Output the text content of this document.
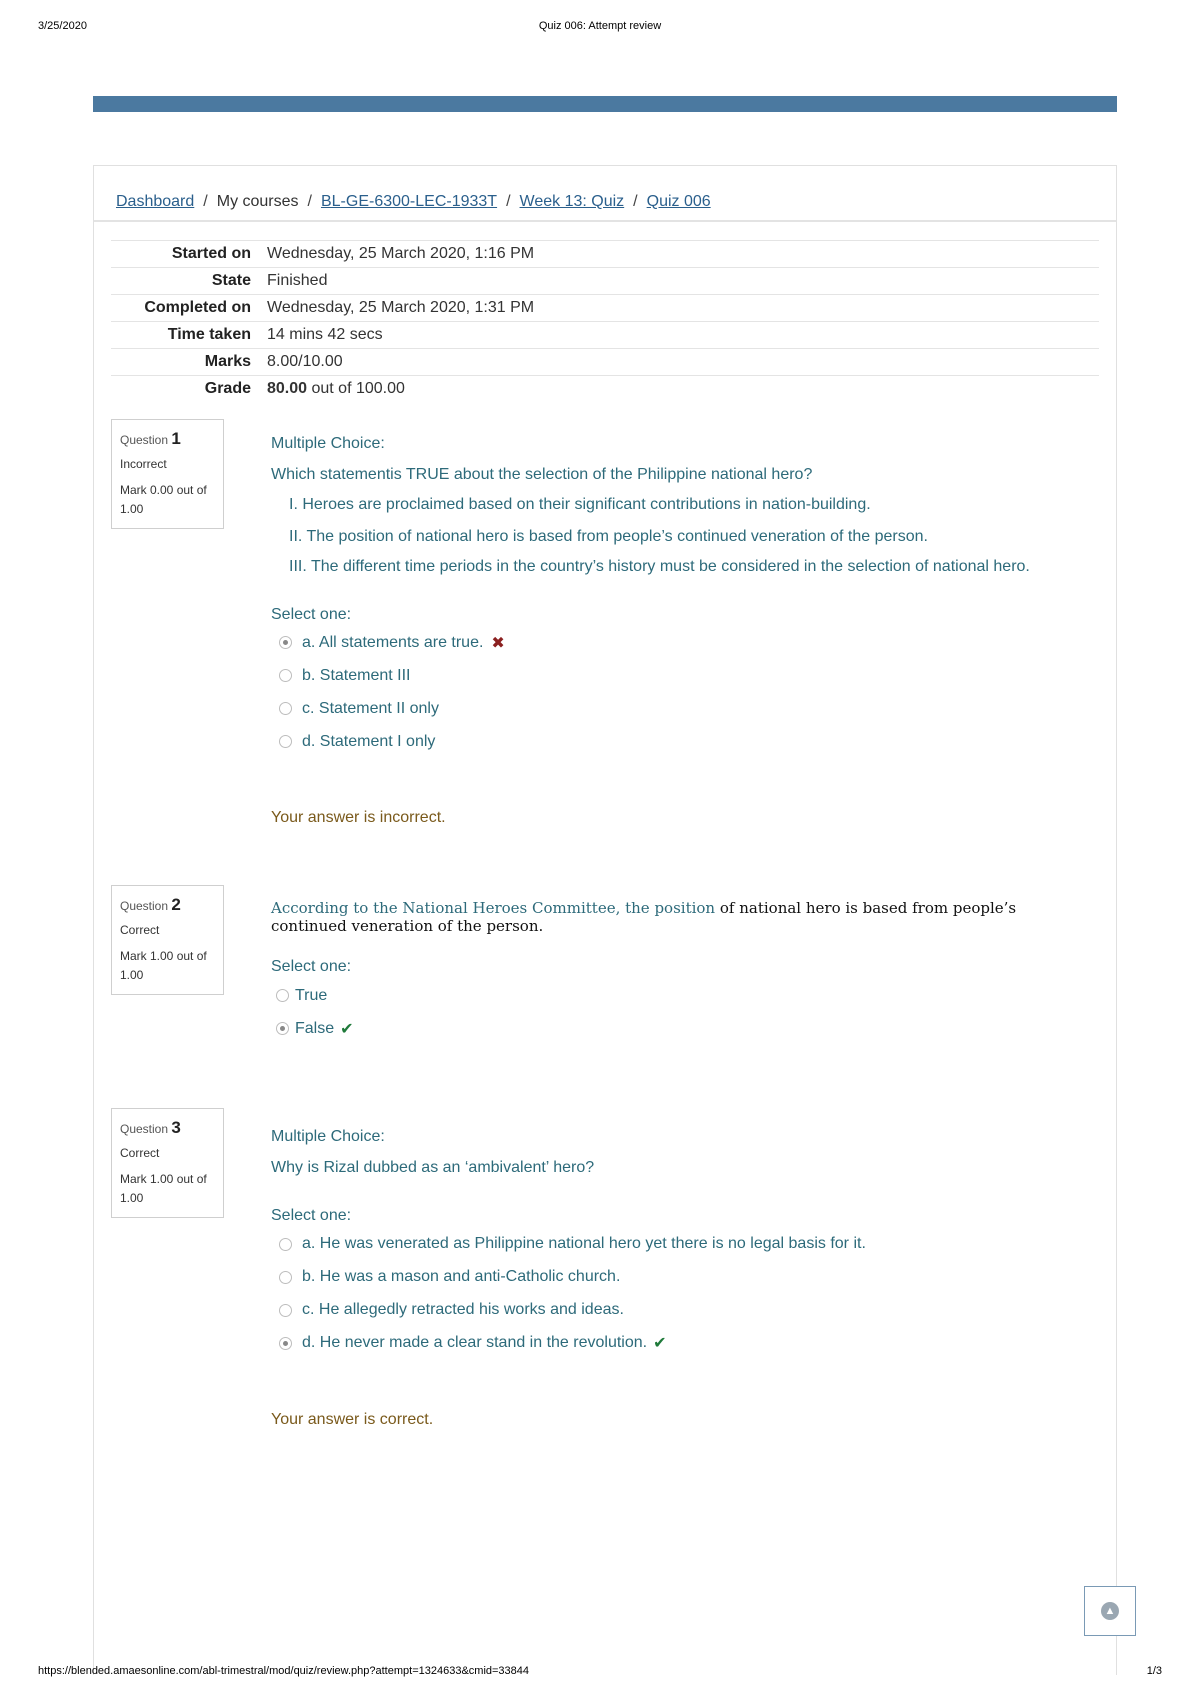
3/25/2020	Quiz 006: Attempt review
Dashboard / My courses / BL-GE-6300-LEC-1933T / Week 13: Quiz / Quiz 006
Started on	Wednesday, 25 March 2020, 1:16 PM
State	Finished
Completed on	Wednesday, 25 March 2020, 1:31 PM
Time taken	14 mins 42 secs
Marks	8.00/10.00
Grade	80.00 out of 100.00
Question 1
Incorrect
Mark 0.00 out of 1.00

Multiple Choice:

Which statementis TRUE about the selection of the Philippine national hero?

I. Heroes are proclaimed based on their significant contributions in nation-building.

II. The position of national hero is based from people’s continued veneration of the person.

III. The different time periods in the country’s history must be considered in the selection of national hero.

Select one:

a. All statements are true. ✖
b. Statement III
c. Statement II only
d. Statement I only

Your answer is incorrect.

Question 2
Correct
Mark 1.00 out of 1.00

According to the National Heroes Committee, the position of national hero is based from people’s continued veneration of the person.

Select one:

True
False ✔
Question 3
Correct
Mark 1.00 out of 1.00

Multiple Choice:

Why is Rizal dubbed as an ‘ambivalent’ hero?

Select one:

a. He was venerated as Philippine national hero yet there is no legal basis for it.
b. He was a mason and anti-Catholic church.
c. He allegedly retracted his works and ideas.
d. He never made a clear stand in the revolution. ✔

Your answer is correct.

▲
https://blended.amaesonline.com/abl-trimestral/mod/quiz/review.php?attempt=1324633&cmid=33844	1/3
